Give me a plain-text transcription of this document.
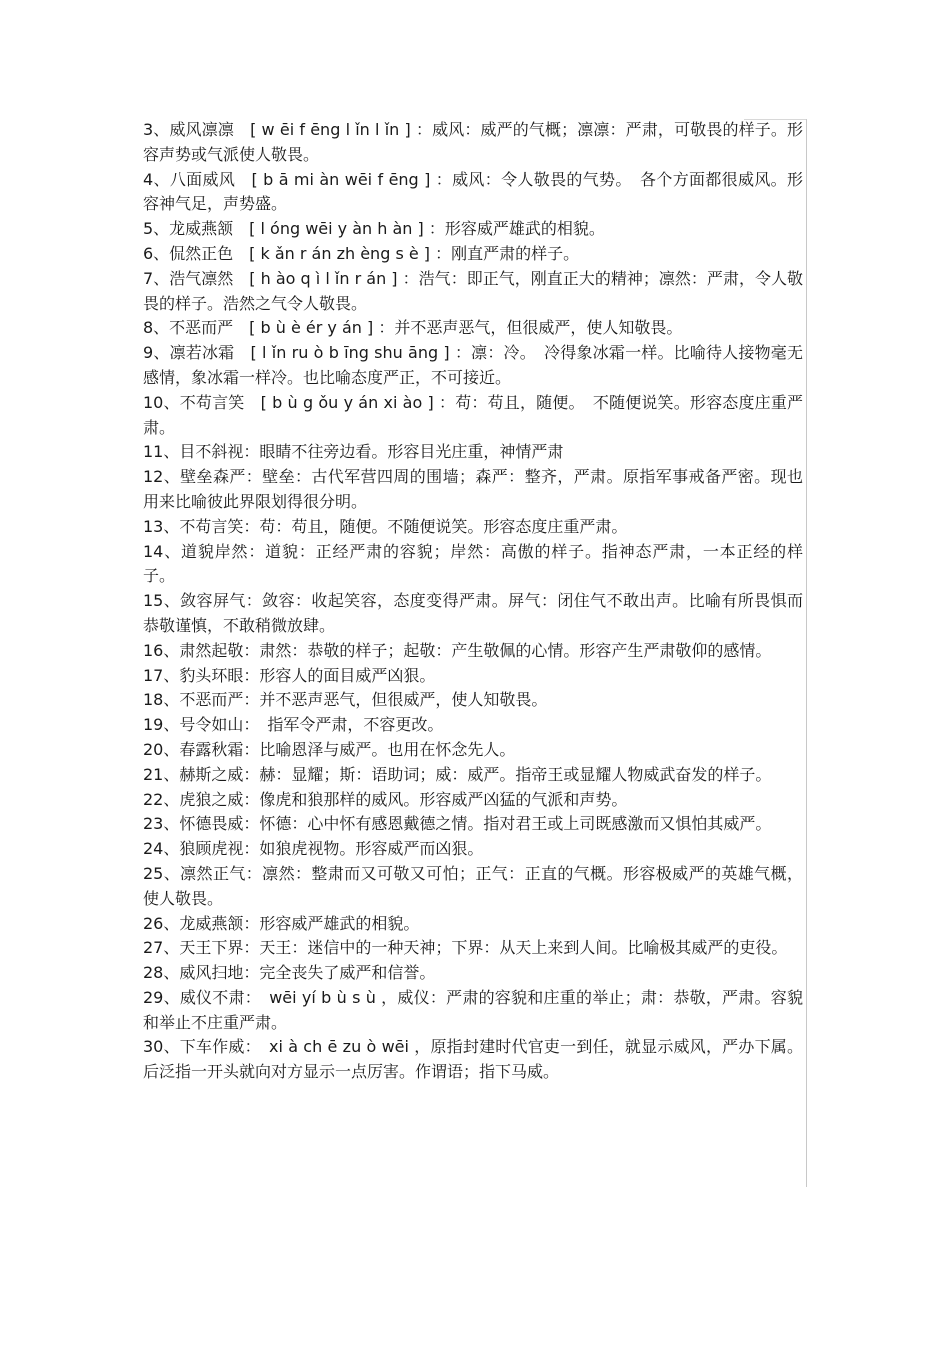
3、威风凛凛　[ w ēi f ēng l ǐn l ǐn ] ：威风：威严的气概；凛凛：严肃，可敬畏的样子。形容声势或气派使人敬畏。

4、八面威风　[ b ā mi àn wēi f ēng ] ：威风：令人敬畏的气势。　各个方面都很威风。形容神气足，声势盛。

5、龙威燕颔　[ l óng wēi y àn h àn ] ：形容威严雄武的相貌。

6、侃然正色　[ k ǎn r án zh èng s è ] ：刚直严肃的样子。

7、浩气凛然　[ h ào q ì l ǐn r án ] ：浩气：即正气，刚直正大的精神；凛然：严肃，令人敬畏的样子。浩然之气令人敬畏。

8、不恶而严　[ b ù è ér y án ] ：并不恶声恶气，但很威严，使人知敬畏。

9、凛若冰霜　[ l ǐn ru ò b īng shu āng ] ：凛：冷。　冷得象冰霜一样。比喻待人接物毫无感情，象冰霜一样冷。也比喻态度严正，不可接近。

10、不苟言笑　[ b ù g ǒu y án xi ào ] ：苟：苟且，随便。　不随便说笑。形容态度庄重严肃。

11、目不斜视：眼睛不往旁边看。形容目光庄重，神情严肃

12、壁垒森严：壁垒：古代军营四周的围墙；森严：整齐，严肃。原指军事戒备严密。现也用来比喻彼此界限划得很分明。

13、不苟言笑：苟：苟且，随便。不随便说笑。形容态度庄重严肃。

14、道貌岸然：道貌：正经严肃的容貌；岸然：高傲的样子。指神态严肃，一本正经的样子。

15、敛容屏气：敛容：收起笑容，态度变得严肃。屏气：闭住气不敢出声。比喻有所畏惧而恭敬谨慎，不敢稍微放肆。

16、肃然起敬：肃然：恭敬的样子；起敬：产生敬佩的心情。形容产生严肃敬仰的感情。

17、豹头环眼：形容人的面目威严凶狠。

18、不恶而严：并不恶声恶气，但很威严，使人知敬畏。

19、号令如山：　指军令严肃，不容更改。

20、春露秋霜：比喻恩泽与威严。也用在怀念先人。

21、赫斯之威：赫：显耀；斯：语助词；威：威严。指帝王或显耀人物威武奋发的样子。

22、虎狼之威：像虎和狼那样的威风。形容威严凶猛的气派和声势。

23、怀德畏威：怀德：心中怀有感恩戴德之情。指对君王或上司既感激而又惧怕其威严。

24、狼顾虎视：如狼虎视物。形容威严而凶狠。

25、凛然正气：凛然：整肃而又可敬又可怕；正气：正直的气概。形容极威严的英雄气概，使人敬畏。

26、龙威燕颔：形容威严雄武的相貌。

27、天王下界：天王：迷信中的一种天神；下界：从天上来到人间。比喻极其威严的吏役。

28、威风扫地：完全丧失了威严和信誉。

29、威仪不肃：　wēi yí b ù s ù ，威仪：严肃的容貌和庄重的举止；肃：恭敬，严肃。容貌和举止不庄重严肃。

30、下车作威：　xi à ch ē zu ò wēi ，原指封建时代官吏一到任，就显示威风，严办下属。后泛指一开头就向对方显示一点厉害。作谓语；指下马威。
